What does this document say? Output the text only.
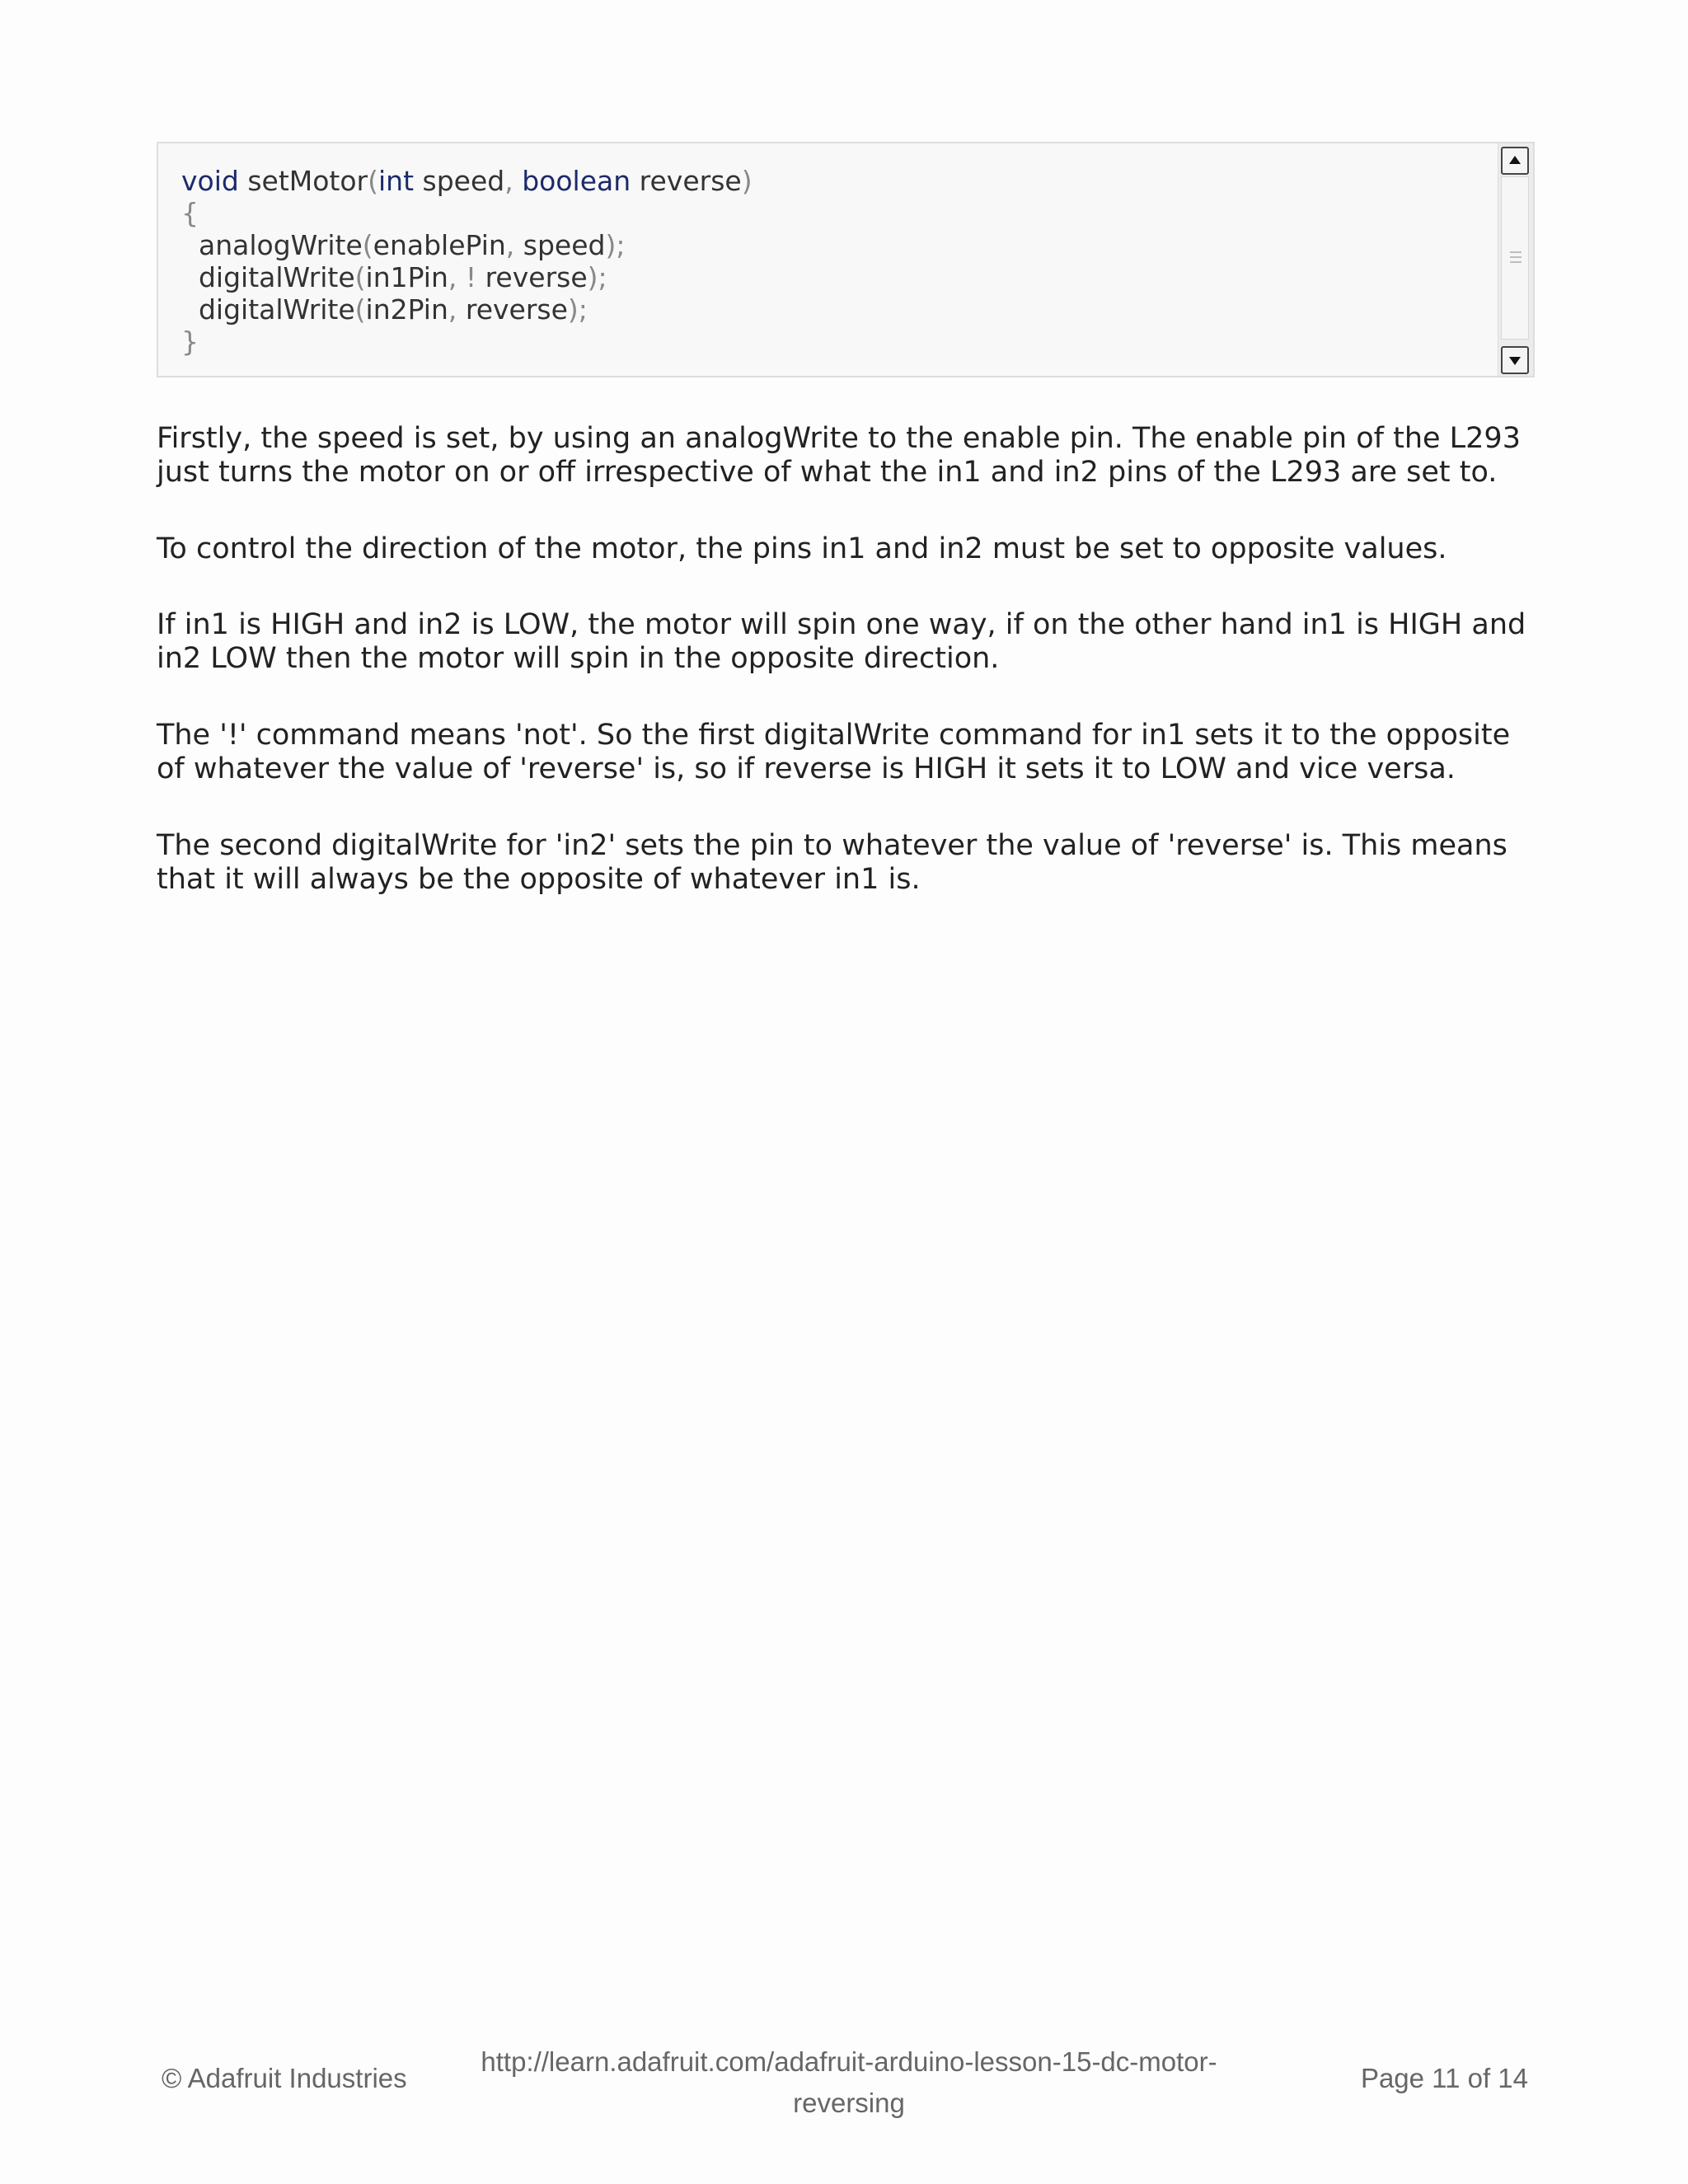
void setMotor(int speed, boolean reverse)
{
analogWrite(enablePin, speed);
digitalWrite(in1Pin, ! reverse);
digitalWrite(in2Pin, reverse);
}

Firstly, the speed is set, by using an analogWrite to the enable pin. The enable pin of the L293 just turns the motor on or off irrespective of what the in1 and in2 pins of the L293 are set to.

To control the direction of the motor, the pins in1 and in2 must be set to opposite values.

If in1 is HIGH and in2 is LOW, the motor will spin one way, if on the other hand in1 is HIGH and in2 LOW then the motor will spin in the opposite direction.

The '!' command means 'not'. So the first digitalWrite command for in1 sets it to the opposite of whatever the value of 'reverse' is, so if reverse is HIGH it sets it to LOW and vice versa.

The second digitalWrite for 'in2' sets the pin to whatever the value of 'reverse' is. This means that it will always be the opposite of whatever in1 is.

© Adafruit Industries
http://learn.adafruit.com/adafruit-arduino-lesson-15-dc-motor-
reversing
Page 11 of 14
